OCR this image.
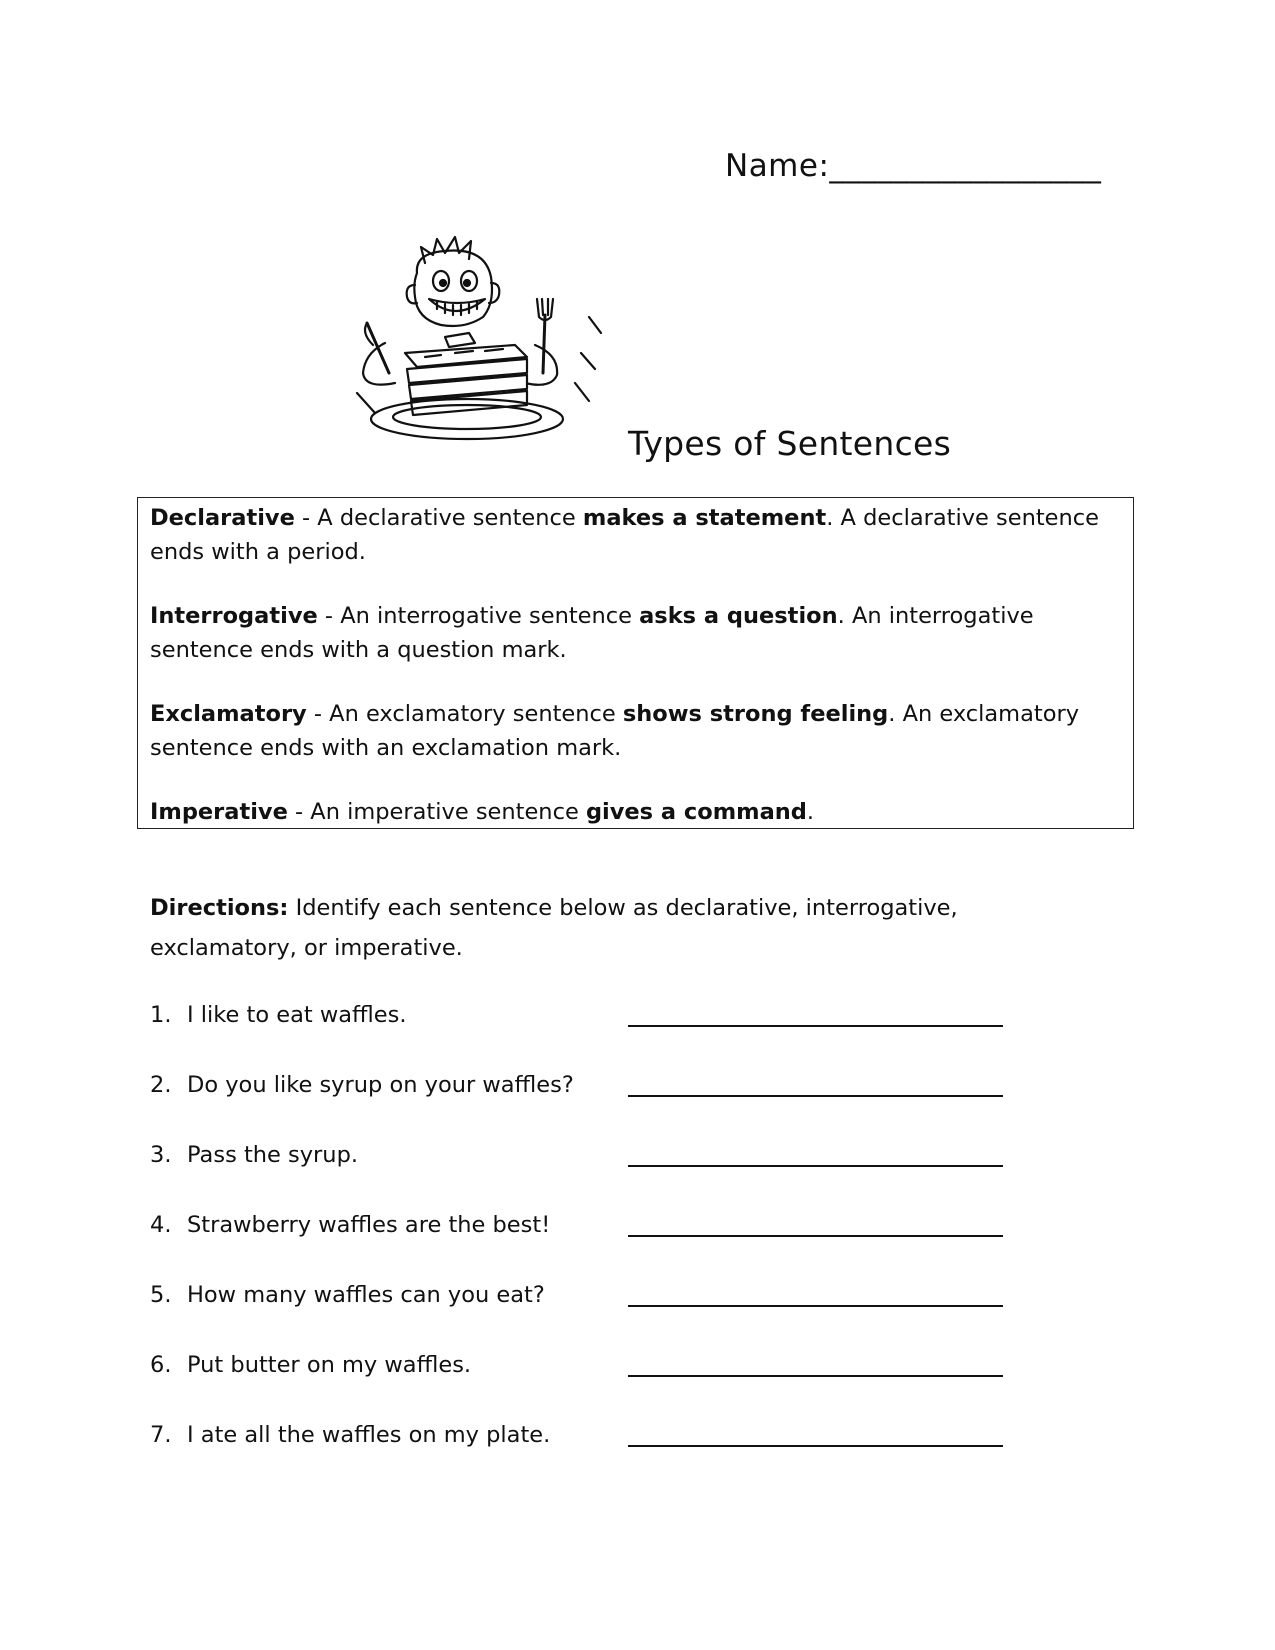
Name:_________________
Types of Sentences

Declarative - A declarative sentence makes a statement. A declarative sentence ends with a period.

Interrogative - An interrogative sentence asks a question. An interrogative sentence ends with a question mark.

Exclamatory - An exclamatory sentence shows strong feeling. An exclamatory sentence ends with an exclamation mark.

Imperative - An imperative sentence gives a command.

Directions: Identify each sentence below as declarative, interrogative, exclamatory, or imperative.
1. I like to eat waffles.
2. Do you like syrup on your waffles?
3. Pass the syrup.
4. Strawberry waffles are the best!
5. How many waffles can you eat?
6. Put butter on my waffles.
7. I ate all the waffles on my plate.
